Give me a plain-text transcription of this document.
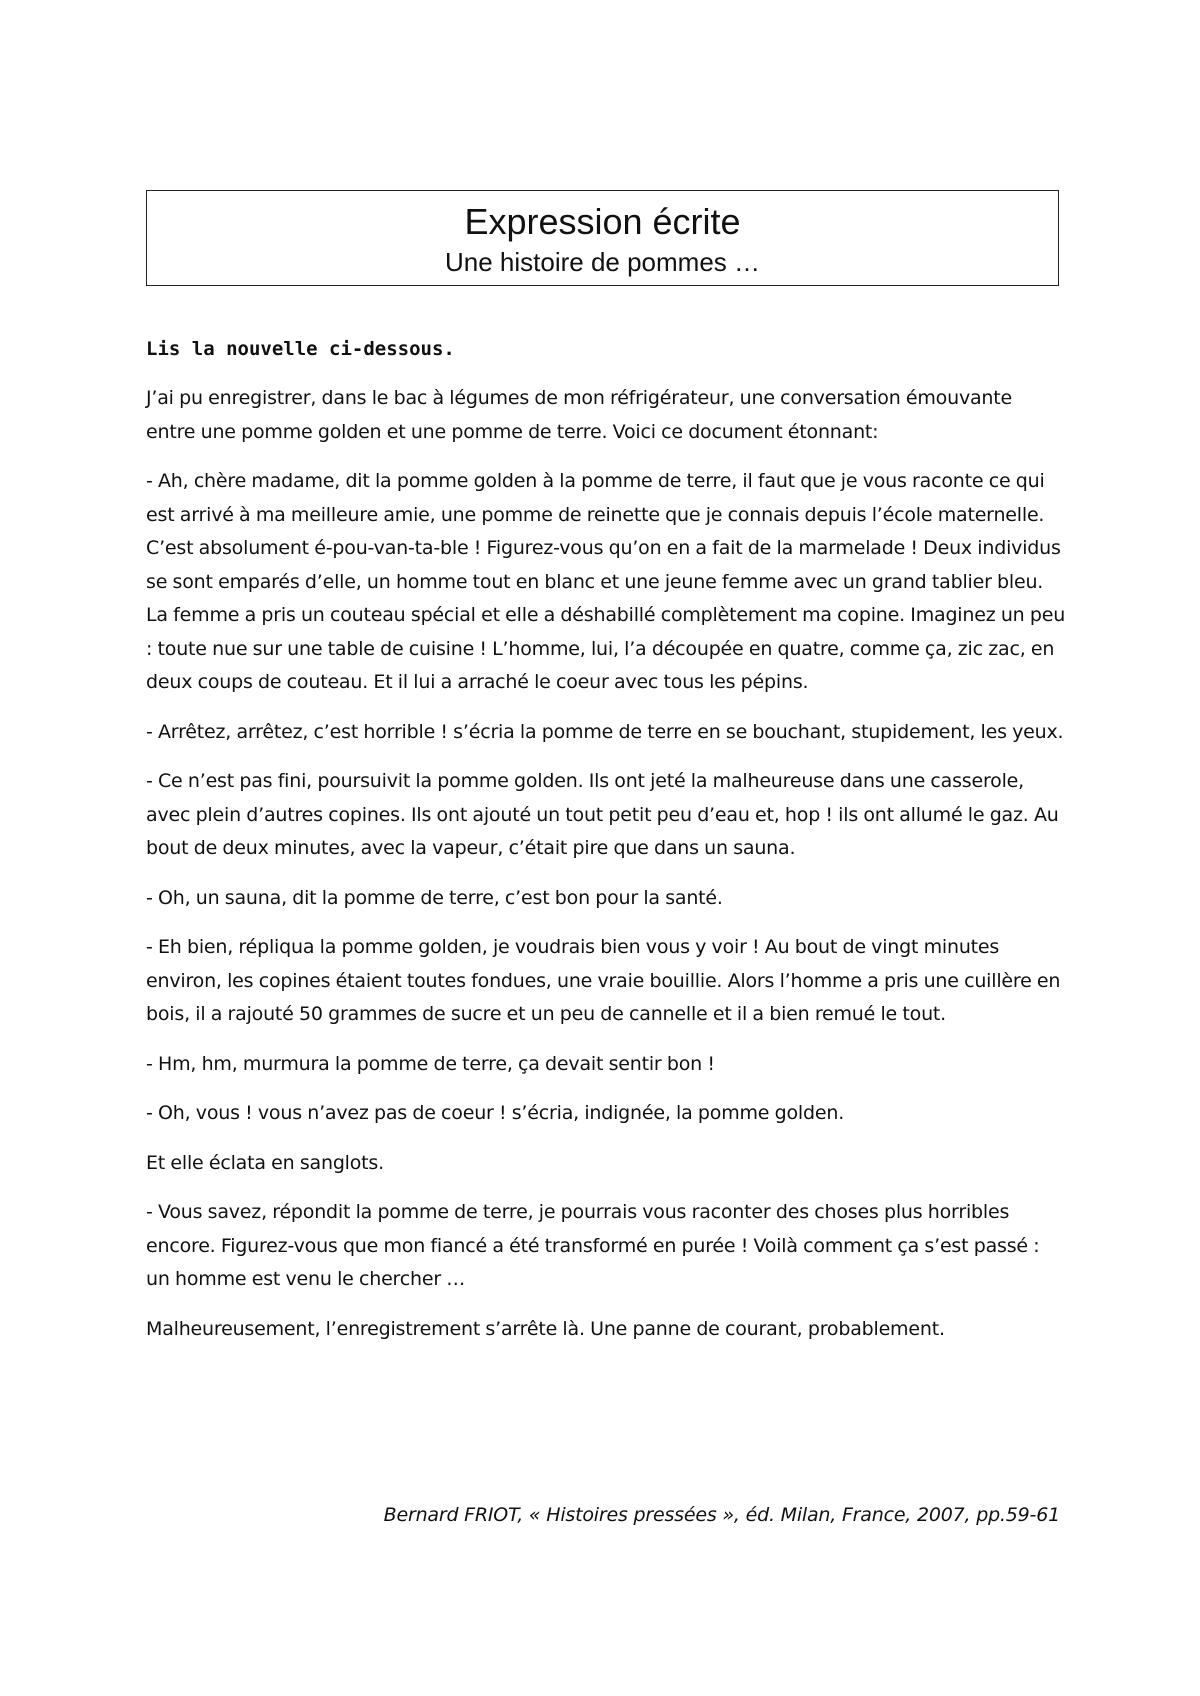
Expression écrite
Une histoire de pommes …

Lis la nouvelle ci-dessous.

J’ai pu enregistrer, dans le bac à légumes de mon réfrigérateur, une conversation émouvante entre une pomme golden et une pomme de terre. Voici ce document étonnant:

- Ah, chère madame, dit la pomme golden à la pomme de terre, il faut que je vous raconte ce qui est arrivé à ma meilleure amie, une pomme de reinette que je connais depuis l’école maternelle. C’est absolument é-pou-van-ta-ble ! Figurez-vous qu’on en a fait de la marmelade ! Deux individus se sont emparés d’elle, un homme tout en blanc et une jeune femme avec un grand tablier bleu. La femme a pris un couteau spécial et elle a déshabillé complètement ma copine. Imaginez un peu : toute nue sur une table de cuisine ! L’homme, lui, l’a découpée en quatre, comme ça, zic zac, en deux coups de couteau. Et il lui a arraché le coeur avec tous les pépins.

- Arrêtez, arrêtez, c’est horrible ! s’écria la pomme de terre en se bouchant, stupidement, les yeux.

- Ce n’est pas fini, poursuivit la pomme golden. Ils ont jeté la malheureuse dans une casserole, avec plein d’autres copines. Ils ont ajouté un tout petit peu d’eau et, hop ! ils ont allumé le gaz. Au bout de deux minutes, avec la vapeur, c’était pire que dans un sauna.

- Oh, un sauna, dit la pomme de terre, c’est bon pour la santé.

- Eh bien, répliqua la pomme golden, je voudrais bien vous y voir ! Au bout de vingt minutes environ, les copines étaient toutes fondues, une vraie bouillie. Alors l’homme a pris une cuillère en bois, il a rajouté 50 grammes de sucre et un peu de cannelle et il a bien remué le tout.

- Hm, hm, murmura la pomme de terre, ça devait sentir bon !

- Oh, vous ! vous n’avez pas de coeur ! s’écria, indignée, la pomme golden.

Et elle éclata en sanglots.

- Vous savez, répondit la pomme de terre, je pourrais vous raconter des choses plus horribles encore. Figurez-vous que mon fiancé a été transformé en purée ! Voilà comment ça s’est passé : un homme est venu le chercher …

Malheureusement, l’enregistrement s’arrête là. Une panne de courant, probablement.

Bernard FRIOT, « Histoires pressées », éd. Milan, France, 2007, pp.59-61
